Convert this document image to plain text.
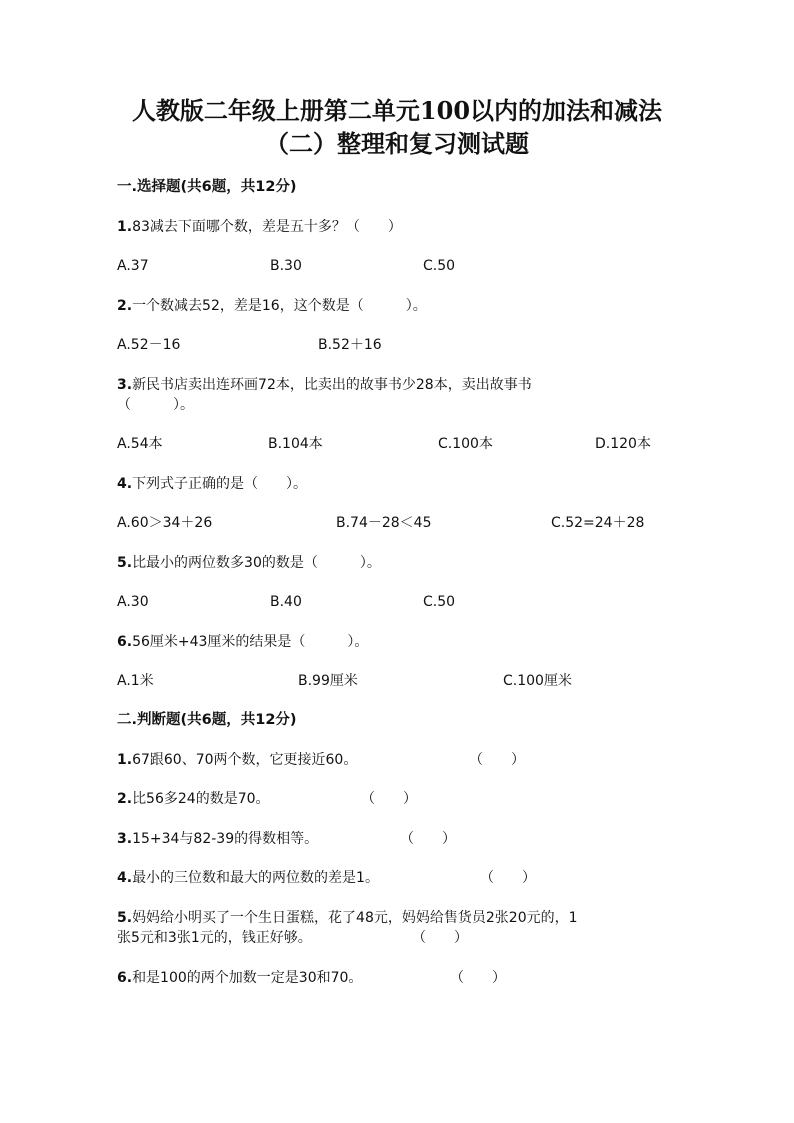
人教版二年级上册第二单元100以内的加法和减法
（二）整理和复习测试题
一.选择题(共6题，共12分)
1.83减去下面哪个数，差是五十多？（　　）
A.37	B.30	C.50
2.一个数减去52，差是16，这个数是（　　　）。
A.52－16	B.52＋16
3.新民书店卖出连环画72本，比卖出的故事书少28本，卖出故事书
（　　　）。
A.54本	B.104本	C.100本	D.120本
4.下列式子正确的是（　　）。
A.60＞34＋26	B.74－28＜45	C.52=24＋28
5.比最小的两位数多30的数是（　　　）。
A.30	B.40	C.50
6.56厘米+43厘米的结果是（　　　）。
A.1米	B.99厘米	C.100厘米
二.判断题(共6题，共12分)
1.67跟60、70两个数，它更接近60。	（　　）
2.比56多24的数是70。	（　　）
3.15+34与82-39的得数相等。	（　　）
4.最小的三位数和最大的两位数的差是1。	（　　）
5.妈妈给小明买了一个生日蛋糕，花了48元，妈妈给售货员2张20元的，1
张5元和3张1元的，钱正好够。	（　　）
6.和是100的两个加数一定是30和70。	（　　）
